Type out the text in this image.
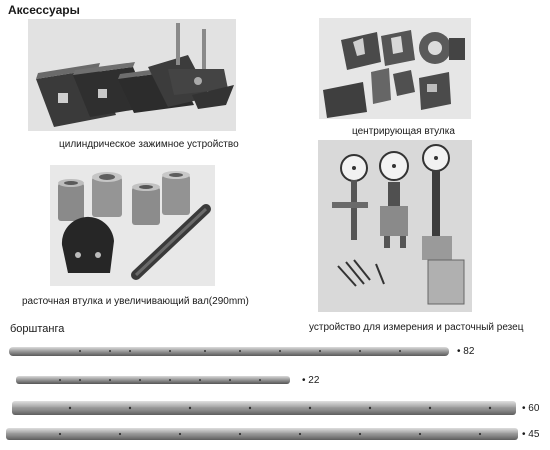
Аксессуары
цилиндрическое зажимное устройство
центрирующая втулка
расточная втулка и увеличивающий вал(290mm)
устройство для измерения и расточный резец
борштанга
• 82
• 22
• 60
• 45
